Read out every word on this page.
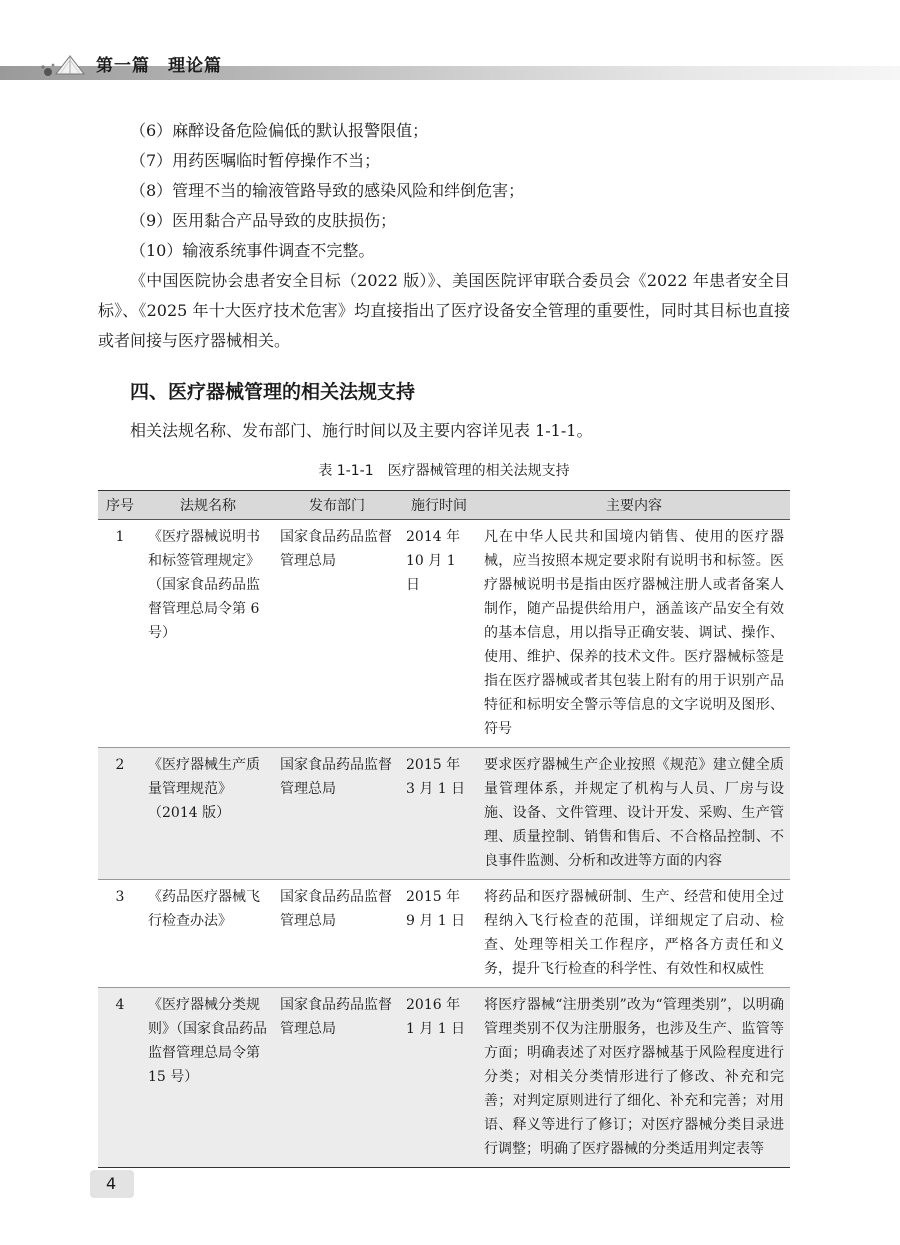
第一篇　理论篇

（6）麻醉设备危险偏低的默认报警限值；

（7）用药医嘱临时暂停操作不当；

（8）管理不当的输液管路导致的感染风险和绊倒危害；

（9）医用黏合产品导致的皮肤损伤；

（10）输液系统事件调查不完整。

《中国医院协会患者安全目标（2022 版）》、美国医院评审联合委员会《2022 年患者安全目标》、《2025 年十大医疗技术危害》均直接指出了医疗设备安全管理的重要性，同时其目标也直接或者间接与医疗器械相关。

四、医疗器械管理的相关法规支持

相关法规名称、发布部门、施行时间以及主要内容详见表 1-1-1。

表 1-1-1　医疗器械管理的相关法规支持
序号	法规名称	发布部门	施行时间	主要内容
1	《医疗器械说明书和标签管理规定》（国家食品药品监督管理总局令第 6 号）	国家食品药品监督管理总局	2014 年 10 月 1 日	凡在中华人民共和国境内销售、使用的医疗器械，应当按照本规定要求附有说明书和标签。医疗器械说明书是指由医疗器械注册人或者备案人制作，随产品提供给用户，涵盖该产品安全有效的基本信息，用以指导正确安装、调试、操作、使用、维护、保养的技术文件。医疗器械标签是指在医疗器械或者其包装上附有的用于识别产品特征和标明安全警示等信息的文字说明及图形、符号
2	《医疗器械生产质量管理规范》（2014 版）	国家食品药品监督管理总局	2015 年 3 月 1 日	要求医疗器械生产企业按照《规范》建立健全质量管理体系，并规定了机构与人员、厂房与设施、设备、文件管理、设计开发、采购、生产管理、质量控制、销售和售后、不合格品控制、不良事件监测、分析和改进等方面的内容
3	《药品医疗器械飞行检查办法》	国家食品药品监督管理总局	2015 年 9 月 1 日	将药品和医疗器械研制、生产、经营和使用全过程纳入飞行检查的范围，详细规定了启动、检查、处理等相关工作程序，严格各方责任和义务，提升飞行检查的科学性、有效性和权威性
4	《医疗器械分类规则》（国家食品药品监督管理总局令第 15 号）	国家食品药品监督管理总局	2016 年 1 月 1 日	将医疗器械“注册类别”改为“管理类别”，以明确管理类别不仅为注册服务，也涉及生产、监管等方面；明确表述了对医疗器械基于风险程度进行分类；对相关分类情形进行了修改、补充和完善；对判定原则进行了细化、补充和完善；对用语、释义等进行了修订；对医疗器械分类目录进行调整；明确了医疗器械的分类适用判定表等
4
